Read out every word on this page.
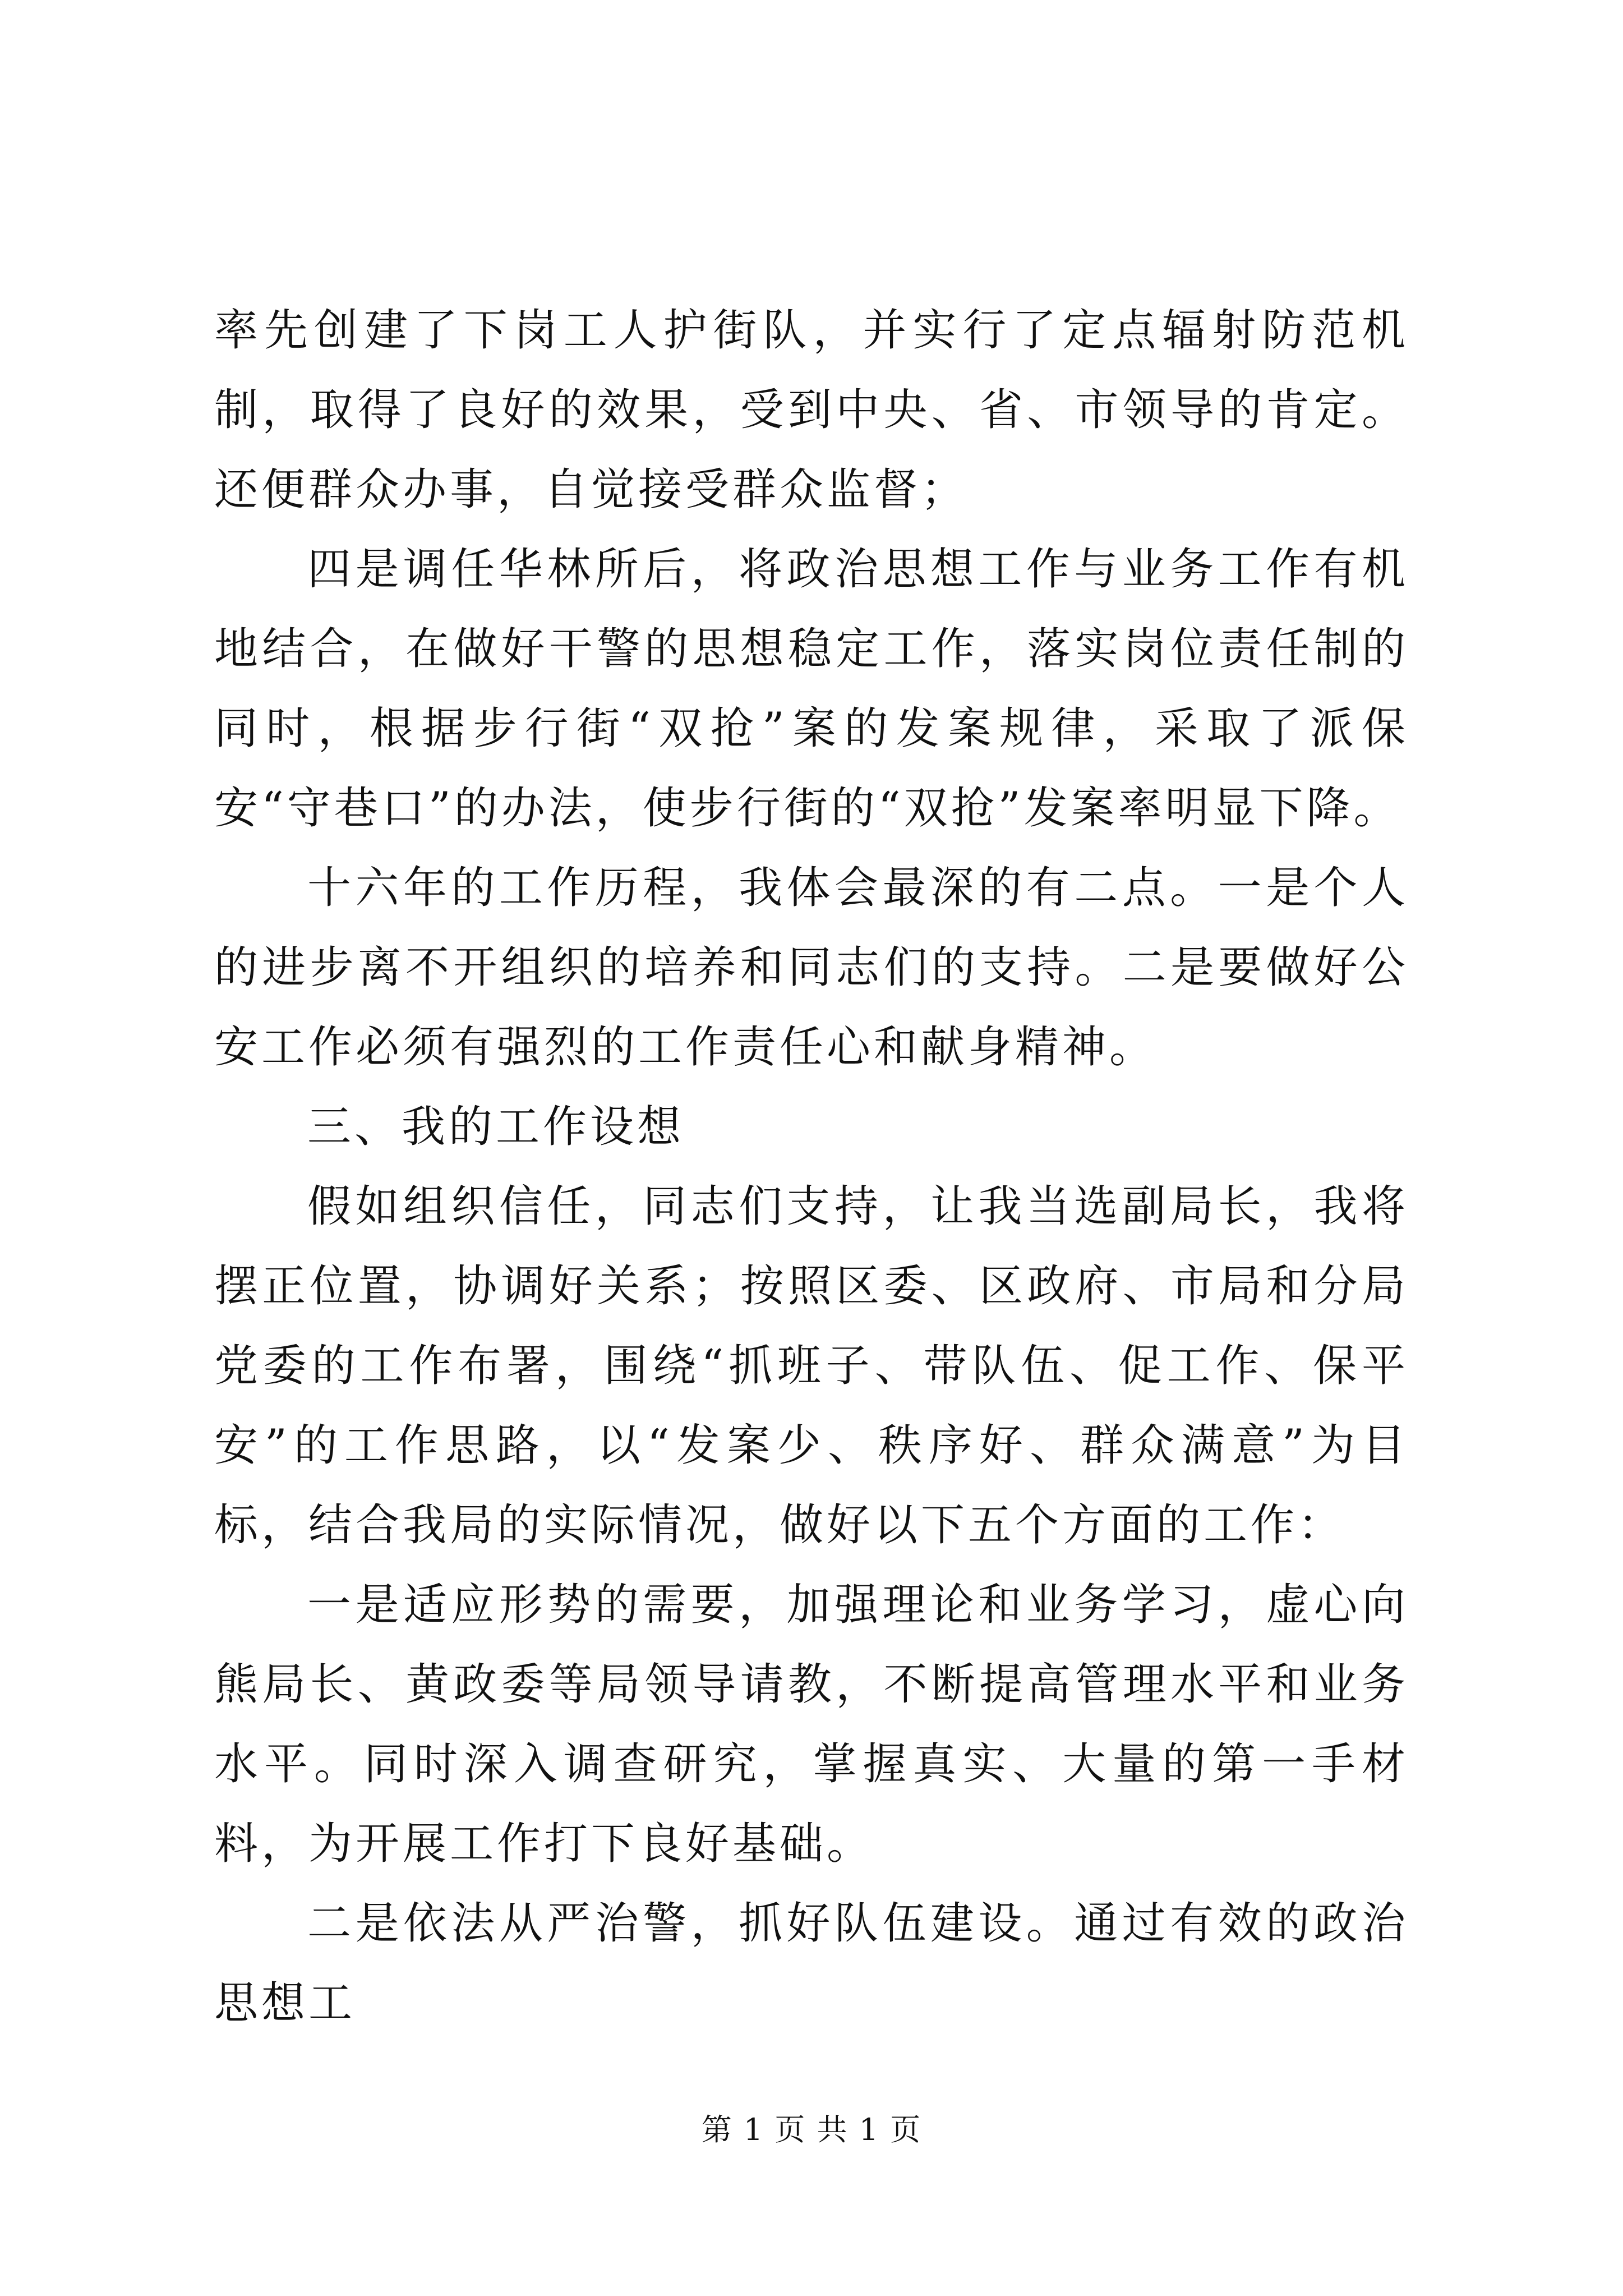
率先创建了下岗工人护街队，并实行了定点辐射防范机制，取得了良好的效果，受到中央、省、市领导的肯定。还便群众办事，自觉接受群众监督；

四是调任华林所后，将政治思想工作与业务工作有机地结合，在做好干警的思想稳定工作，落实岗位责任制的同时，根据步行街“双抢”案的发案规律，采取了派保安“守巷口”的办法，使步行街的“双抢”发案率明显下降。

十六年的工作历程，我体会最深的有二点。一是个人的进步离不开组织的培养和同志们的支持。二是要做好公安工作必须有强烈的工作责任心和献身精神。

三、我的工作设想

假如组织信任，同志们支持，让我当选副局长，我将摆正位置，协调好关系；按照区委、区政府、市局和分局党委的工作布署，围绕“抓班子、带队伍、促工作、保平安”的工作思路，以“发案少、秩序好、群众满意”为目标，结合我局的实际情况，做好以下五个方面的工作：

一是适应形势的需要，加强理论和业务学习，虚心向熊局长、黄政委等局领导请教，不断提高管理水平和业务水平。同时深入调查研究，掌握真实、大量的第一手材料，为开展工作打下良好基础。

二是依法从严治警，抓好队伍建设。通过有效的政治思想工

第 1 页 共 1 页
